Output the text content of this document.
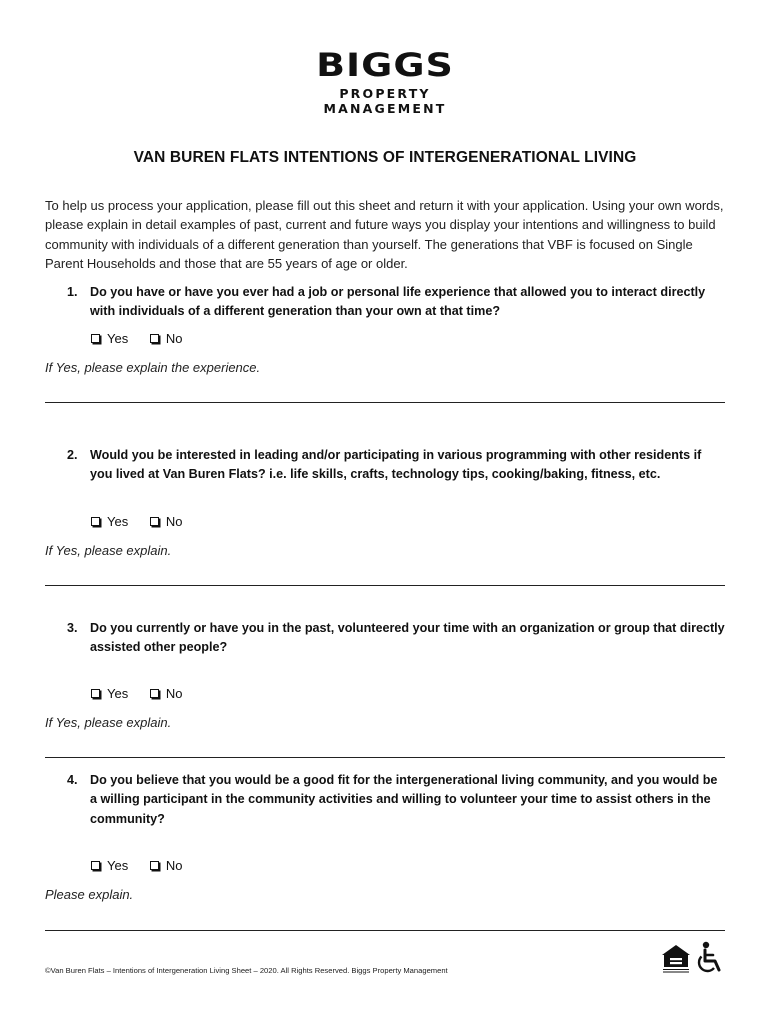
BIGGS
PROPERTY
MANAGEMENT
VAN BUREN FLATS INTENTIONS OF INTERGENERATIONAL LIVING
To help us process your application, please fill out this sheet and return it with your application. Using your own words, please explain in detail examples of past, current and future ways you display your intentions and willingness to build community with individuals of a different generation than yourself. The generations that VBF is focused on Single Parent Households and those that are 55 years of age or older.
1. Do you have or have you ever had a job or personal life experience that allowed you to interact directly with individuals of a different generation than your own at that time?
Yes
	No
If Yes, please explain the experience.
2. Would you be interested in leading and/or participating in various programming with other residents if you lived at Van Buren Flats? i.e. life skills, crafts, technology tips, cooking/baking, fitness, etc.
Yes
	No
If Yes, please explain.
3. Do you currently or have you in the past, volunteered your time with an organization or group that directly assisted other people?
Yes
	No
If Yes, please explain.
4. Do you believe that you would be a good fit for the intergenerational living community, and you would be a willing participant in the community activities and willing to volunteer your time to assist others in the community?
Yes
	No
Please explain.
©Van Buren Flats – Intentions of Intergeneration Living Sheet – 2020. All Rights Reserved. Biggs Property Management
